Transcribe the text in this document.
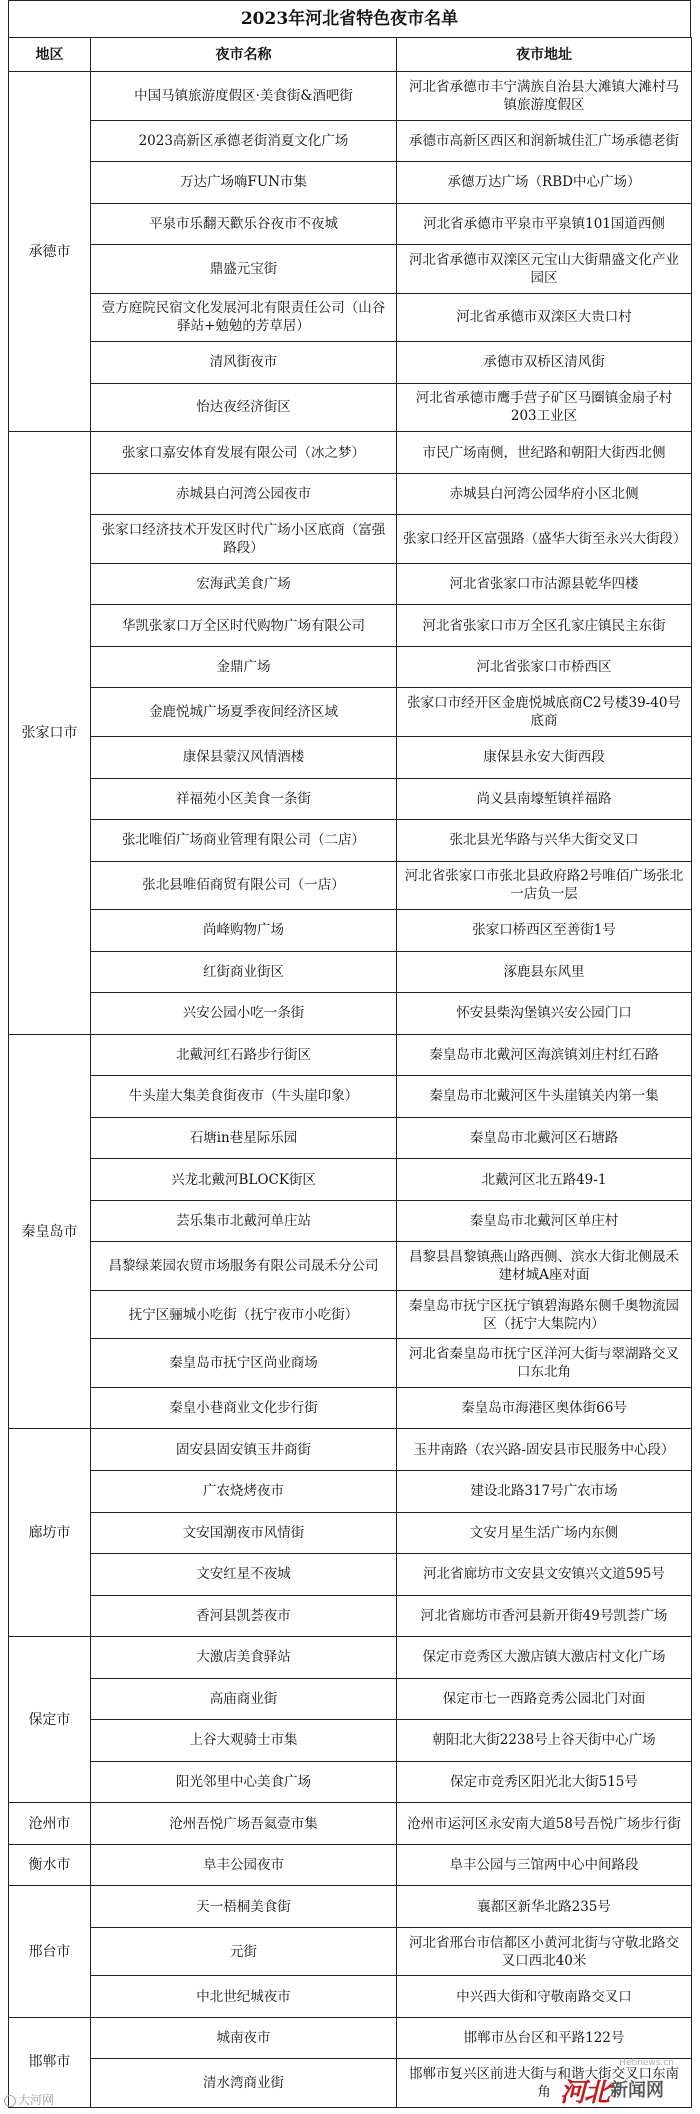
2023年河北省特色夜市名单
地区	夜市名称	夜市地址
承德市	中国马镇旅游度假区·美食街&酒吧街	河北省承德市丰宁满族自治县大滩镇大滩村马镇旅游度假区
	2023高新区承德老街消夏文化广场	承德市高新区西区和润新城佳汇广场承德老街
	万达广场嗨FUN市集	承德万达广场（RBD中心广场）
	平泉市乐翻天歡乐谷夜市不夜城	河北省承德市平泉市平泉镇101国道西侧
	鼎盛元宝街	河北省承德市双滦区元宝山大街鼎盛文化产业园区
	壹方庭院民宿文化发展河北有限责任公司（山谷驿站+勉勉的芳草居）	河北省承德市双滦区大贵口村
	清风街夜市	承德市双桥区清风街
	怡达夜经济街区	河北省承德市鹰手营子矿区马圈镇金扇子村203工业区
张家口市	张家口嘉安体育发展有限公司（冰之梦）	市民广场南侧，世纪路和朝阳大街西北侧
	赤城县白河湾公园夜市	赤城县白河湾公园华府小区北侧
	张家口经济技术开发区时代广场小区底商（富强路段）	张家口经开区富强路（盛华大街至永兴大街段）
	宏海武美食广场	河北省张家口市沽源县乾华四楼
	华凯张家口万全区时代购物广场有限公司	河北省张家口市万全区孔家庄镇民主东街
	金鼎广场	河北省张家口市桥西区
	金鹿悦城广场夏季夜间经济区域	张家口市经开区金鹿悦城底商C2号楼39-40号底商
	康保县蒙汉风情酒楼	康保县永安大街西段
	祥福苑小区美食一条街	尚义县南壕堑镇祥福路
	张北唯佰广场商业管理有限公司（二店）	张北县光华路与兴华大街交叉口
	张北县唯佰商贸有限公司（一店）	河北省张家口市张北县政府路2号唯佰广场张北一店负一层
	尚峰购物广场	张家口桥西区至善街1号
	红街商业街区	涿鹿县东风里
	兴安公园小吃一条街	怀安县柴沟堡镇兴安公园门口
秦皇岛市	北戴河红石路步行街区	秦皇岛市北戴河区海滨镇刘庄村红石路
	牛头崖大集美食街夜市（牛头崖印象）	秦皇岛市北戴河区牛头崖镇关内第一集
	石塘in巷星际乐园	秦皇岛市北戴河区石塘路
	兴龙北戴河BLOCK街区	北戴河区北五路49-1
	芸乐集市北戴河单庄站	秦皇岛市北戴河区单庄村
	昌黎绿莱园农贸市场服务有限公司晟禾分公司	昌黎县昌黎镇燕山路西侧、滨水大街北侧晟禾建材城A座对面
	抚宁区骊城小吃街（抚宁夜市小吃街）	秦皇岛市抚宁区抚宁镇碧海路东侧千奥物流园区（抚宁大集院内）
	秦皇岛市抚宁区尚业商场	河北省秦皇岛市抚宁区洋河大街与翠湖路交叉口东北角
	秦皇小巷商业文化步行街	秦皇岛市海港区奥体街66号
廊坊市	固安县固安镇玉井商街	玉井南路（农兴路-固安县市民服务中心段）
	广农烧烤夜市	建设北路317号广农市场
	文安国潮夜市风情街	文安月星生活广场内东侧
	文安红星不夜城	河北省廊坊市文安县文安镇兴文道595号
	香河县凯荟夜市	河北省廊坊市香河县新开街49号凯荟广场
保定市	大激店美食驿站	保定市竞秀区大激店镇大激店村文化广场
	高庙商业街	保定市七一西路竞秀公园北门对面
	上谷大观骑士市集	朝阳北大街2238号上谷天街中心广场
	阳光邻里中心美食广场	保定市竞秀区阳光北大街515号
沧州市	沧州吾悦广场吾氦壹市集	沧州市运河区永安南大道58号吾悦广场步行街
衡水市	阜丰公园夜市	阜丰公园与三馆两中心中间路段
邢台市	天一梧桐美食街	襄都区新华北路235号
	元街	河北省邢台市信都区小黄河北街与守敬北路交叉口西北40米
	中北世纪城夜市	中兴西大街和守敬南路交叉口
邯郸市	城南夜市	邯郸市丛台区和平路122号
	清水湾商业街	邯郸市复兴区前进大街与和谐大街交叉口东南角
大河网
Hebnews.cn
河北 新闻网
